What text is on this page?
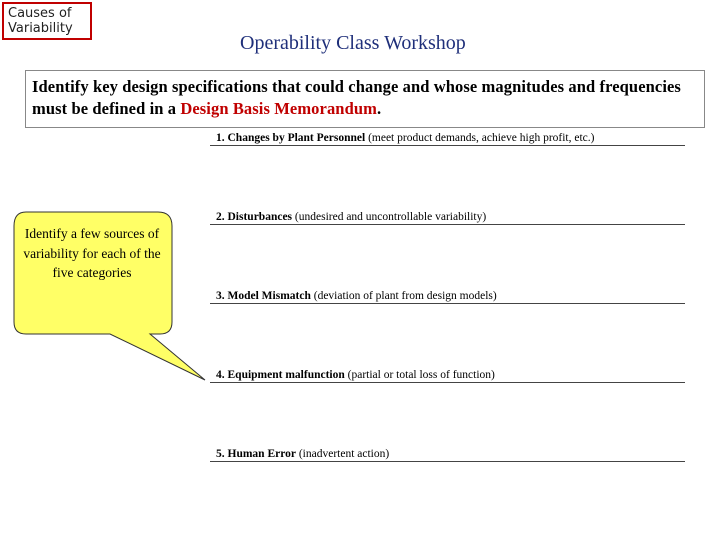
Causes of Variability
Operability Class Workshop
Identify key design specifications that could change and whose magnitudes and frequencies must be defined in a Design Basis Memorandum.
Identify a few sources of variability for each of the five categories
1. Changes by Plant Personnel (meet product demands, achieve high profit, etc.)
2. Disturbances (undesired and uncontrollable variability)
3. Model Mismatch (deviation of plant from design models)
4. Equipment malfunction (partial or total loss of function)
5. Human Error (inadvertent action)
